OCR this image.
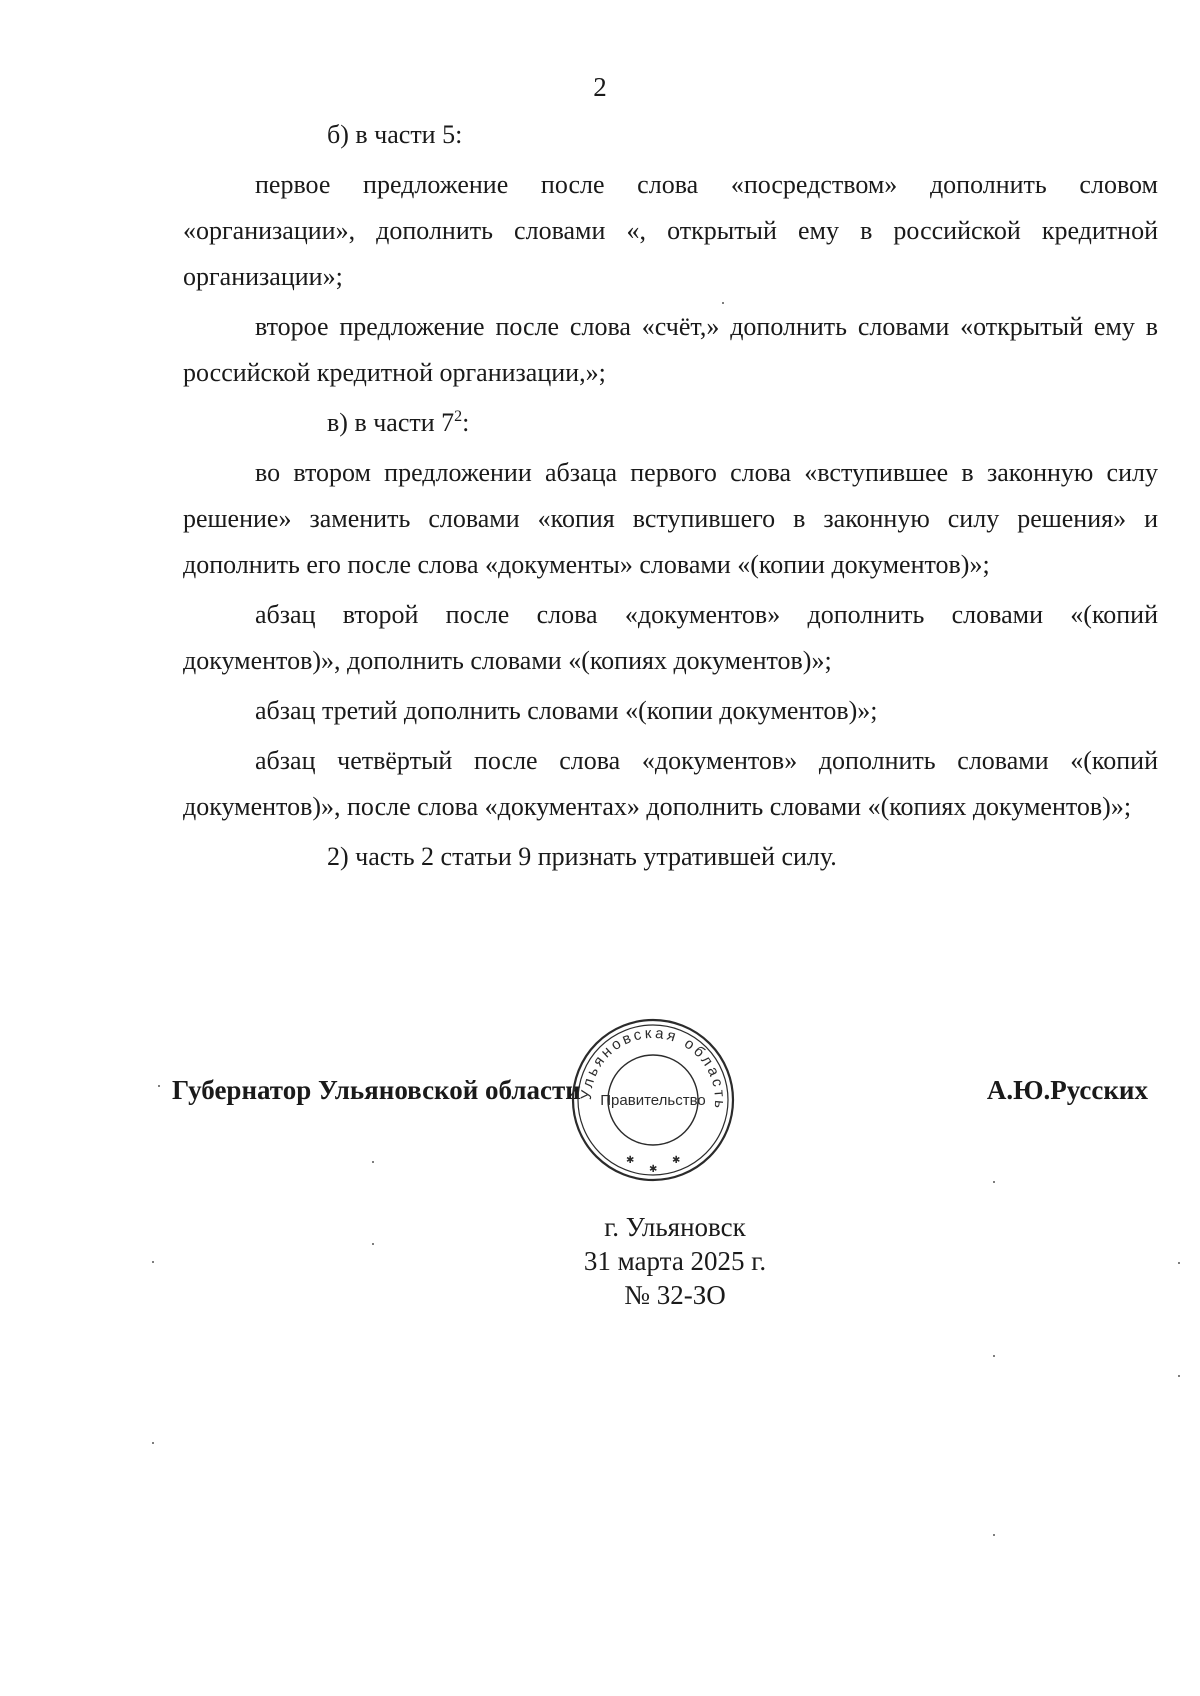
2

б) в части 5:

первое предложение после слова «посредством» дополнить словом «организации», дополнить словами «, открытый ему в российской кредитной организации»;

второе предложение после слова «счёт,» дополнить словами «открытый ему в российской кредитной организации,»;

в) в части $7^2$:

во втором предложении абзаца первого слова «вступившее в законную силу решение» заменить словами «копия вступившего в законную силу решения» и дополнить его после слова «документы» словами «(копии документов)»;

абзац второй после слова «документов» дополнить словами «(копий документов)», дополнить словами «(копиях документов)»;

абзац третий дополнить словами «(копии документов)»;

абзац четвёртый после слова «документов» дополнить словами «(копий документов)», после слова «документах» дополнить словами «(копиях документов)»;

2) часть 2 статьи 9 признать утратившей силу.

Губернатор Ульяновской области	А.Ю.Русских
Ульяновская область
Правительство
✱
✱
✱
г. Ульяновск
31 марта 2025 г.
№ 32-ЗО
